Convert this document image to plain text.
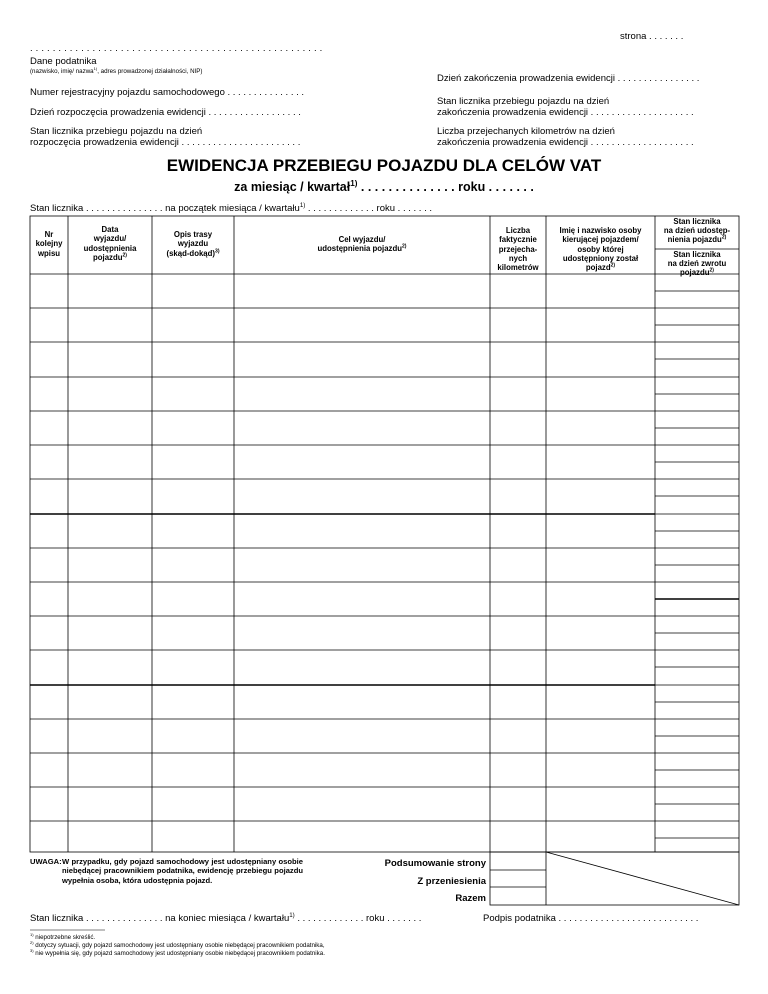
strona . . . . . . .
. . . . . . . . . . . . . . . . . . . . . . . . . . . . . . . . . . . . . . . . . . . . . . . . . . . .
Dane podatnika
(nazwisko, imię/ nazwa$^{1)}$, adres prowadzonej działalności, NIP)
Dzień zakończenia prowadzenia ewidencji . . . . . . . . . . . . . . . .
Numer rejestracyjny pojazdu samochodowego . . . . . . . . . . . . . . .
Stan licznika przebiegu pojazdu na dzień
zakończenia prowadzenia ewidencji . . . . . . . . . . . . . . . . . . . .
Dzień rozpoczęcia prowadzenia ewidencji . . . . . . . . . . . . . . . . . .
Stan licznika przebiegu pojazdu na dzień
rozpoczęcia prowadzenia ewidencji . . . . . . . . . . . . . . . . . . . . . . .
Liczba przejechanych kilometrów na dzień
zakończenia prowadzenia ewidencji . . . . . . . . . . . . . . . . . . . .
EWIDENCJA PRZEBIEGU POJAZDU DLA CELÓW VAT
za miesiąc / kwartał$^{1)}$ . . . . . . . . . . . . . . roku . . . . . . .
Stan licznika . . . . . . . . . . . . . . . na początek miesiąca / kwartału$^{1)}$ . . . . . . . . . . . . . roku . . . . . . .
Nr
kolejny
wpisu
Data
wyjazdu/
udostępnienia
pojazdu$^{2)}$
Opis trasy
wyjazdu
(skąd-dokąd)$^{3)}$
Cel wyjazdu/
udostępnienia pojazdu$^{2)}$
Liczba
faktycznie
przejecha-
nych
kilometrów
Imię i nazwisko osoby
kierującej pojazdem/
osoby której
udostępniony został
pojazd$^{2)}$
Stan licznika
na dzień udostęp-
nienia pojazdu$^{2)}$
Stan licznika
na dzień zwrotu
pojazdu$^{2)}$
Podsumowanie strony
Z przeniesienia
Razem
UWAGA: W przypadku, gdy pojazd samochodowy jest udostępniany osobie niebędącej pracownikiem podatnika, ewidencję przebiegu pojazdu wypełnia osoba, która udostępnia pojazd.
Stan licznika . . . . . . . . . . . . . . . na koniec miesiąca / kwartału$^{1)}$ . . . . . . . . . . . . . roku . . . . . . .	Podpis podatnika . . . . . . . . . . . . . . . . . . . . . . . . . . .
$^{1)}$ niepotrzebne skreślić.
$^{2)}$ dotyczy sytuacji, gdy pojazd samochodowy jest udostępniany osobie niebędącej pracownikiem podatnika,
$^{3)}$ nie wypełnia się, gdy pojazd samochodowy jest udostępniany osobie niebędącej pracownikiem podatnika.
